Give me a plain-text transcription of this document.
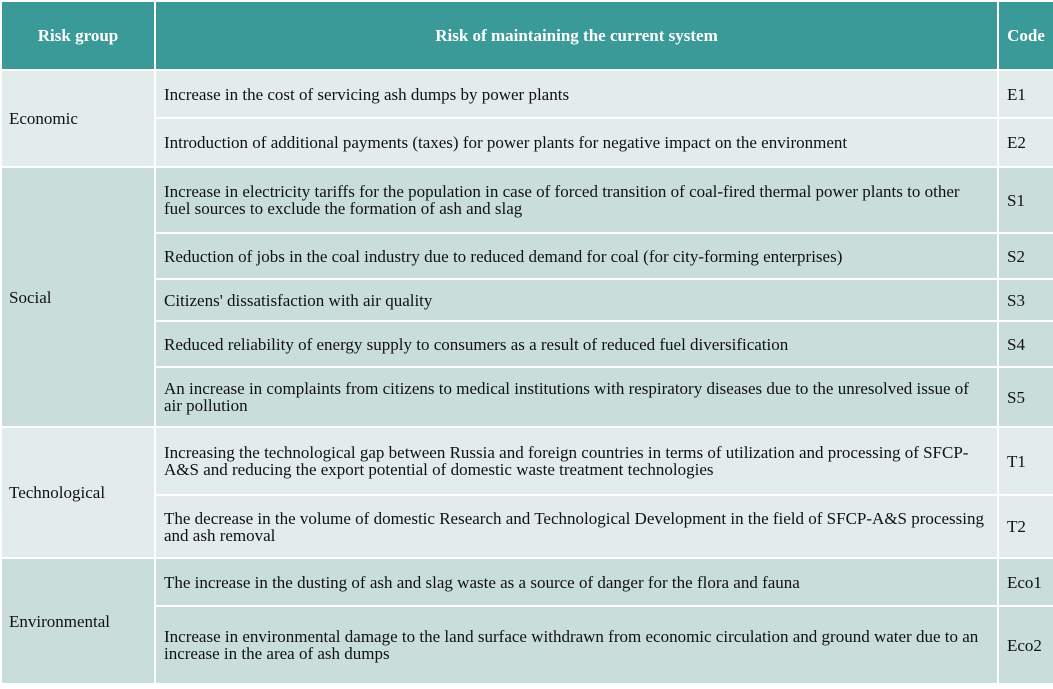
Risk group	Risk of maintaining the current system	Code
Economic	Increase in the cost of servicing ash dumps by power plants	E1
	Introduction of additional payments (taxes) for power plants for negative impact on the environment	E2
Social	Increase in electricity tariffs for the population in case of forced transition of coal-fired thermal power plants to other fuel sources to exclude the formation of ash and slag	S1
	Reduction of jobs in the coal industry due to reduced demand for coal (for city-forming enterprises)	S2
	Citizens' dissatisfaction with air quality	S3
	Reduced reliability of energy supply to consumers as a result of reduced fuel diversification	S4
	An increase in complaints from citizens to medical institutions with respiratory diseases due to the unresolved issue of air pollution	S5
Technological	Increasing the technological gap between Russia and foreign countries in terms of utilization and processing of SFCP-A&S and reducing the export potential of domestic waste treatment technologies	T1
	The decrease in the volume of domestic Research and Technological Development in the field of SFCP-A&S processing and ash removal	T2
Environmental	The increase in the dusting of ash and slag waste as a source of danger for the flora and fauna	Eco1
	Increase in environmental damage to the land surface withdrawn from economic circulation and ground water due to an increase in the area of ash dumps	Eco2
